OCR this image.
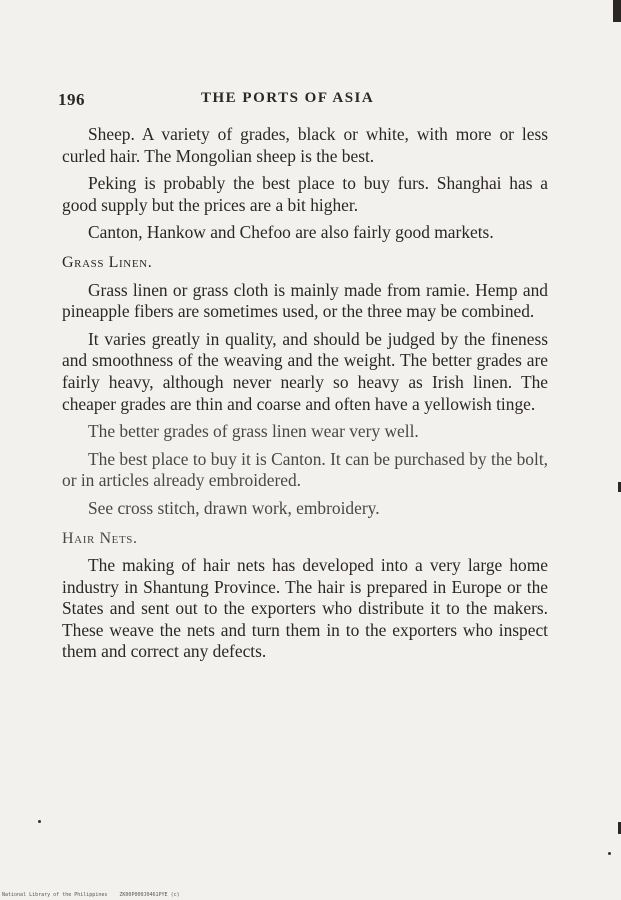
196	THE PORTS OF ASIA

Sheep. A variety of grades, black or white, with more or less curled hair. The Mongolian sheep is the best.

Peking is probably the best place to buy furs. Shanghai has a good supply but the prices are a bit higher.

Canton, Hankow and Chefoo are also fairly good markets.

Grass Linen.

Grass linen or grass cloth is mainly made from ramie. Hemp and pineapple fibers are sometimes used, or the three may be combined.

It varies greatly in quality, and should be judged by the fineness and smoothness of the weaving and the weight. The better grades are fairly heavy, although never nearly so heavy as Irish linen. The cheaper grades are thin and coarse and often have a yellowish tinge.

The better grades of grass linen wear very well.

The best place to buy it is Canton. It can be purchased by the bolt, or in articles already embroidered.

See cross stitch, drawn work, embroidery.

Hair Nets.

The making of hair nets has developed into a very large home industry in Shantung Province. The hair is prepared in Europe or the States and sent out to the exporters who distribute it to the makers. These weave the nets and turn them in to the exporters who inspect them and correct any defects.

National Library of the Philippines ZK00P000J0461PYE (c)
